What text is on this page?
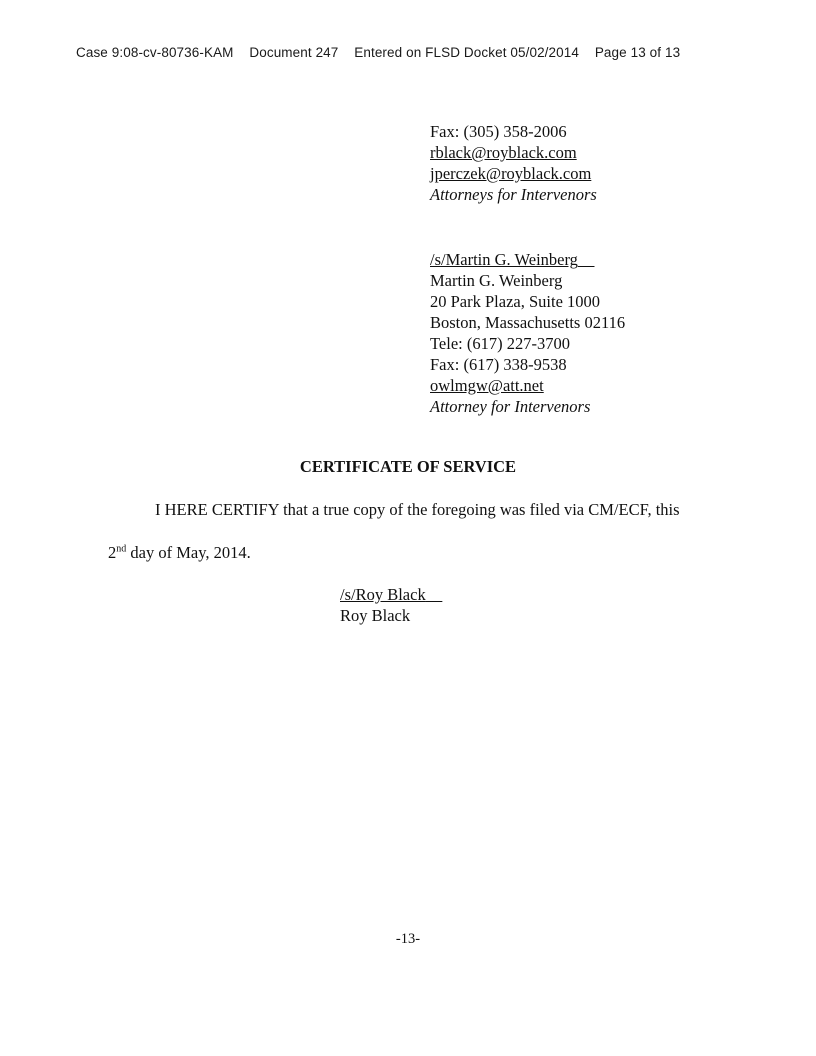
Case 9:08-cv-80736-KAM Document 247 Entered on FLSD Docket 05/02/2014 Page 13 of 13
Fax: (305) 358-2006
rblack@royblack.com
jperczek@royblack.com
Attorneys for Intervenors
/s/Martin G. Weinberg
Martin G. Weinberg
20 Park Plaza, Suite 1000
Boston, Massachusetts 02116
Tele: (617) 227-3700
Fax: (617) 338-9538
owlmgw@att.net
Attorney for Intervenors
CERTIFICATE OF SERVICE
I HERE CERTIFY that a true copy of the foregoing was filed via CM/ECF, this
2nd day of May, 2014.
/s/Roy Black
Roy Black
-13-
